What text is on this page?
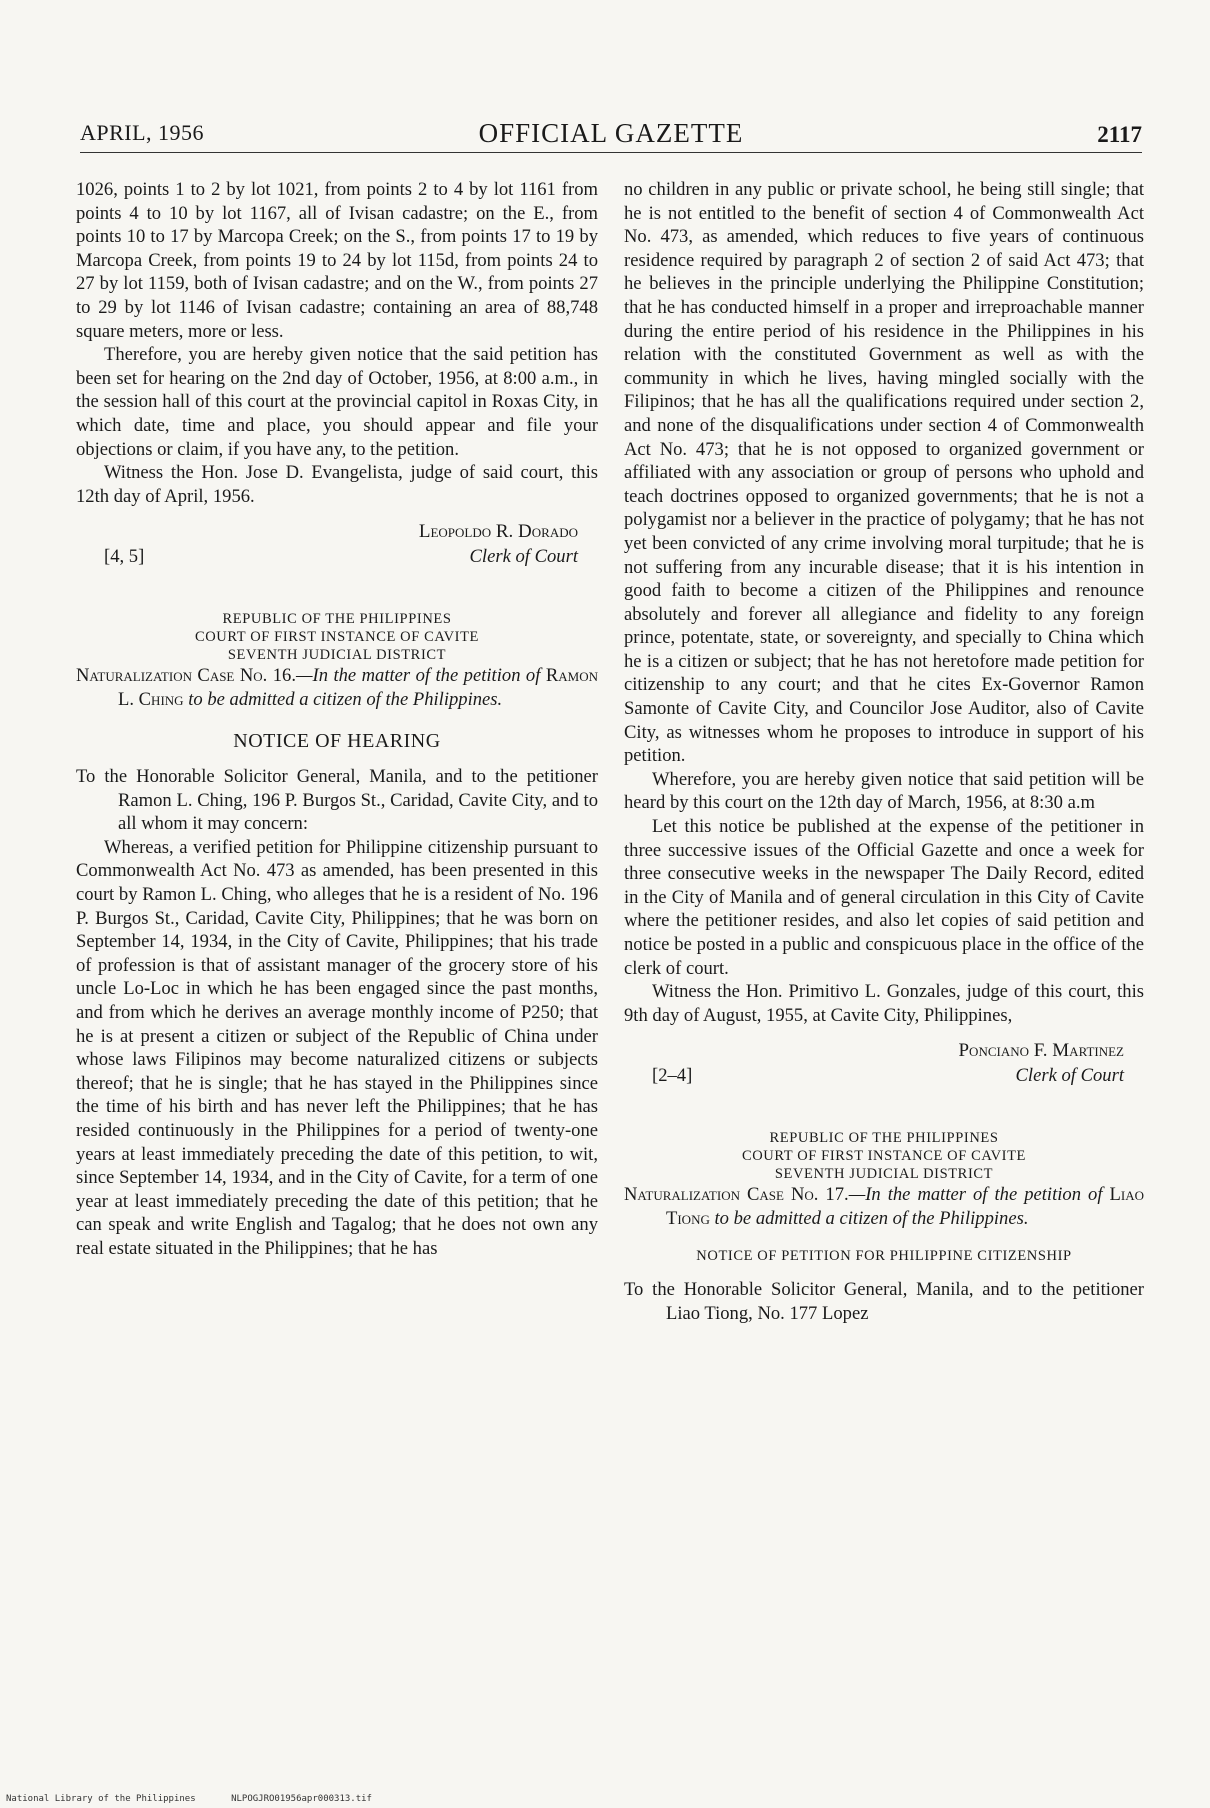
APRIL, 1956	OFFICIAL GAZETTE	2117

1026, points 1 to 2 by lot 1021, from points 2 to 4 by lot 1161 from points 4 to 10 by lot 1167, all of Ivisan cadastre; on the E., from points 10 to 17 by Marcopa Creek; on the S., from points 17 to 19 by Marcopa Creek, from points 19 to 24 by lot 115d, from points 24 to 27 by lot 1159, both of Ivisan cadastre; and on the W., from points 27 to 29 by lot 1146 of Ivisan cadastre; containing an area of 88,748 square meters, more or less.

Therefore, you are hereby given notice that the said petition has been set for hearing on the 2nd day of October, 1956, at 8:00 a.m., in the session hall of this court at the provincial capitol in Roxas City, in which date, time and place, you should appear and file your objections or claim, if you have any, to the petition.

Witness the Hon. Jose D. Evangelista, judge of said court, this 12th day of April, 1956.

Leopoldo R. Dorado
Clerk of Court
[4, 5]
REPUBLIC OF THE PHILIPPINES
COURT OF FIRST INSTANCE OF CAVITE
SEVENTH JUDICIAL DISTRICT

Naturalization Case No. 16.—In the matter of the petition of Ramon L. Ching to be admitted a citizen of the Philippines.

NOTICE OF HEARING

To the Honorable Solicitor General, Manila, and to the petitioner Ramon L. Ching, 196 P. Burgos St., Caridad, Cavite City, and to all whom it may concern:

Whereas, a verified petition for Philippine citizenship pursuant to Commonwealth Act No. 473 as amended, has been presented in this court by Ramon L. Ching, who alleges that he is a resident of No. 196 P. Burgos St., Caridad, Cavite City, Philippines; that he was born on September 14, 1934, in the City of Cavite, Philippines; that his trade of profession is that of assistant manager of the grocery store of his uncle Lo-Loc in which he has been engaged since the past months, and from which he derives an average monthly income of P250; that he is at present a citizen or subject of the Republic of China under whose laws Filipinos may become naturalized citizens or subjects thereof; that he is single; that he has stayed in the Philippines since the time of his birth and has never left the Philippines; that he has resided continuously in the Philippines for a period of twenty-one years at least immediately preceding the date of this petition, to wit, since September 14, 1934, and in the City of Cavite, for a term of one year at least immediately preceding the date of this petition; that he can speak and write English and Tagalog; that he does not own any real estate situated in the Philippines; that he has

no children in any public or private school, he being still single; that he is not entitled to the benefit of section 4 of Commonwealth Act No. 473, as amended, which reduces to five years of continuous residence required by paragraph 2 of section 2 of said Act 473; that he believes in the principle underlying the Philippine Constitution; that he has conducted himself in a proper and irreproachable manner during the entire period of his residence in the Philippines in his relation with the constituted Government as well as with the community in which he lives, having mingled socially with the Filipinos; that he has all the qualifications required under section 2, and none of the disqualifications under section 4 of Commonwealth Act No. 473; that he is not opposed to organized government or affiliated with any association or group of persons who uphold and teach doctrines opposed to organized governments; that he is not a polygamist nor a believer in the practice of polygamy; that he has not yet been convicted of any crime involving moral turpitude; that he is not suffering from any incurable disease; that it is his intention in good faith to become a citizen of the Philippines and renounce absolutely and forever all allegiance and fidelity to any foreign prince, potentate, state, or sovereignty, and specially to China which he is a citizen or subject; that he has not heretofore made petition for citizenship to any court; and that he cites Ex-Governor Ramon Samonte of Cavite City, and Councilor Jose Auditor, also of Cavite City, as witnesses whom he proposes to introduce in support of his petition.

Wherefore, you are hereby given notice that said petition will be heard by this court on the 12th day of March, 1956, at 8:30 a.m

Let this notice be published at the expense of the petitioner in three successive issues of the Official Gazette and once a week for three consecutive weeks in the newspaper The Daily Record, edited in the City of Manila and of general circulation in this City of Cavite where the petitioner resides, and also let copies of said petition and notice be posted in a public and conspicuous place in the office of the clerk of court.

Witness the Hon. Primitivo L. Gonzales, judge of this court, this 9th day of August, 1955, at Cavite City, Philippines,

Ponciano F. Martinez
Clerk of Court
[2–4]
REPUBLIC OF THE PHILIPPINES
COURT OF FIRST INSTANCE OF CAVITE
SEVENTH JUDICIAL DISTRICT

Naturalization Case No. 17.—In the matter of the petition of Liao Tiong to be admitted a citizen of the Philippines.

NOTICE OF PETITION FOR PHILIPPINE CITIZENSHIP

To the Honorable Solicitor General, Manila, and to the petitioner Liao Tiong, No. 177 Lopez

National Library of the Philippines	NLPOGJRO01956apr000313.tif
